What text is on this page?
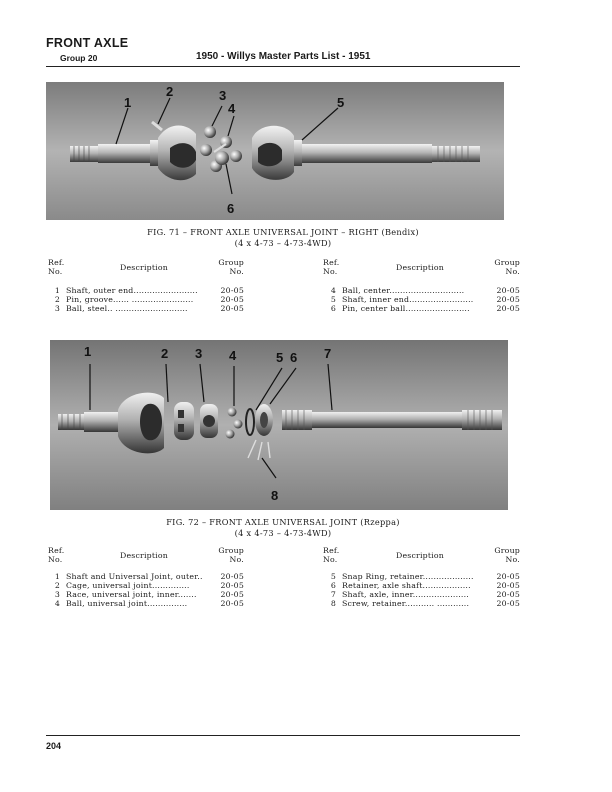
FRONT AXLE
Group 20	1950 - Willys Master Parts List - 1951
1
2	3
4	5
6
FIG. 71 – FRONT AXLE UNIVERSAL JOINT – RIGHT (Bendix)
(4 x 4-73 – 4-73-4WD)
Ref.
No.	Description
Group
No.
Ref.
No.	Description
Group
No.
1 Shaft, outer end........................	20-05
2 Pin, groove...... .......................	20-05
3 Ball, steel.. ...........................	20-05
4 Ball, center............................	20-05
5 Shaft, inner end........................	20-05
6 Pin, center ball........................	20-05
1	2 3 4	5 6 7
8
FIG. 72 – FRONT AXLE UNIVERSAL JOINT (Rzeppa)
(4 x 4-73 – 4-73-4WD)
Ref.
No.	Description
Group
No.
Ref.
No.	Description
Group
No.
1 Shaft and Universal Joint, outer..	20-05
2 Cage, universal joint..............	20-05
3 Race, universal joint, inner.......	20-05
4 Ball, universal joint...............	20-05
5 Snap Ring, retainer...................	20-05
6 Retainer, axle shaft..................	20-05
7 Shaft, axle, inner.....................	20-05
8 Screw, retainer........... ............	20-05
204
